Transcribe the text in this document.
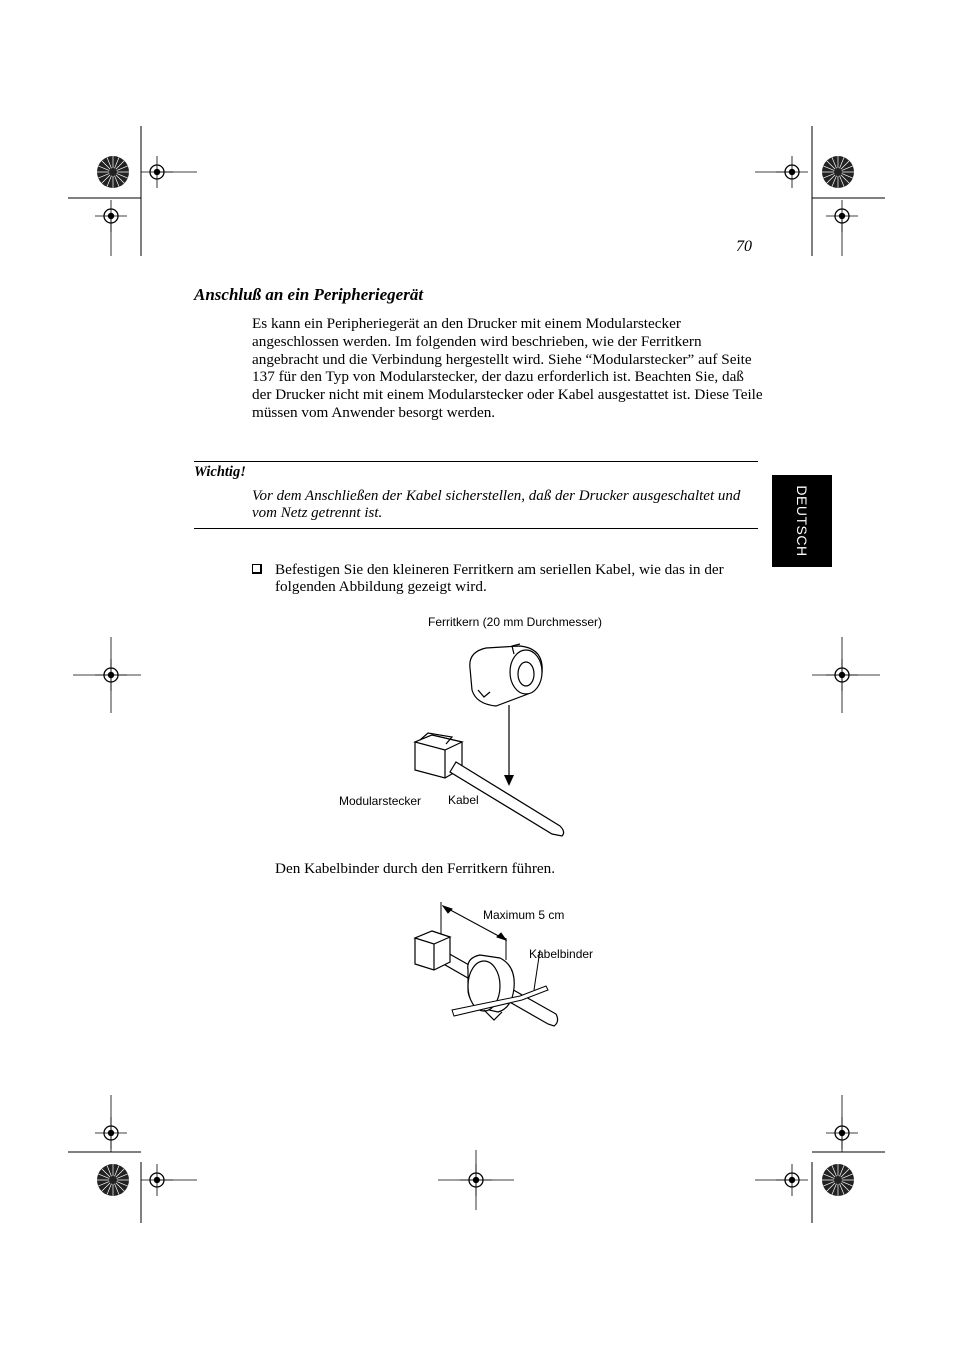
70
Anschluß an ein Peripheriegerät
Es kann ein Peripheriegerät an den Drucker mit einem Modularstecker angeschlossen werden. Im folgenden wird beschrieben, wie der Ferritkern angebracht und die Verbindung hergestellt wird. Siehe “Modularstecker” auf Seite 137 für den Typ von Modularstecker, der dazu erforderlich ist. Beachten Sie, daß der Drucker nicht mit einem Modularstecker oder Kabel ausgestattet ist. Diese Teile müssen vom Anwender besorgt werden.
Wichtig!
Vor dem Anschließen der Kabel sicherstellen, daß der Drucker ausgeschaltet und vom Netz getrennt ist.	DEUTSCH
Befestigen Sie den kleineren Ferritkern am seriellen Kabel, wie das in der folgenden Abbildung gezeigt wird.
Ferritkern (20 mm Durchmesser)
Modularstecker Kabel
Den Kabelbinder durch den Ferritkern führen.
Maximum 5 cm
Kabelbinder
